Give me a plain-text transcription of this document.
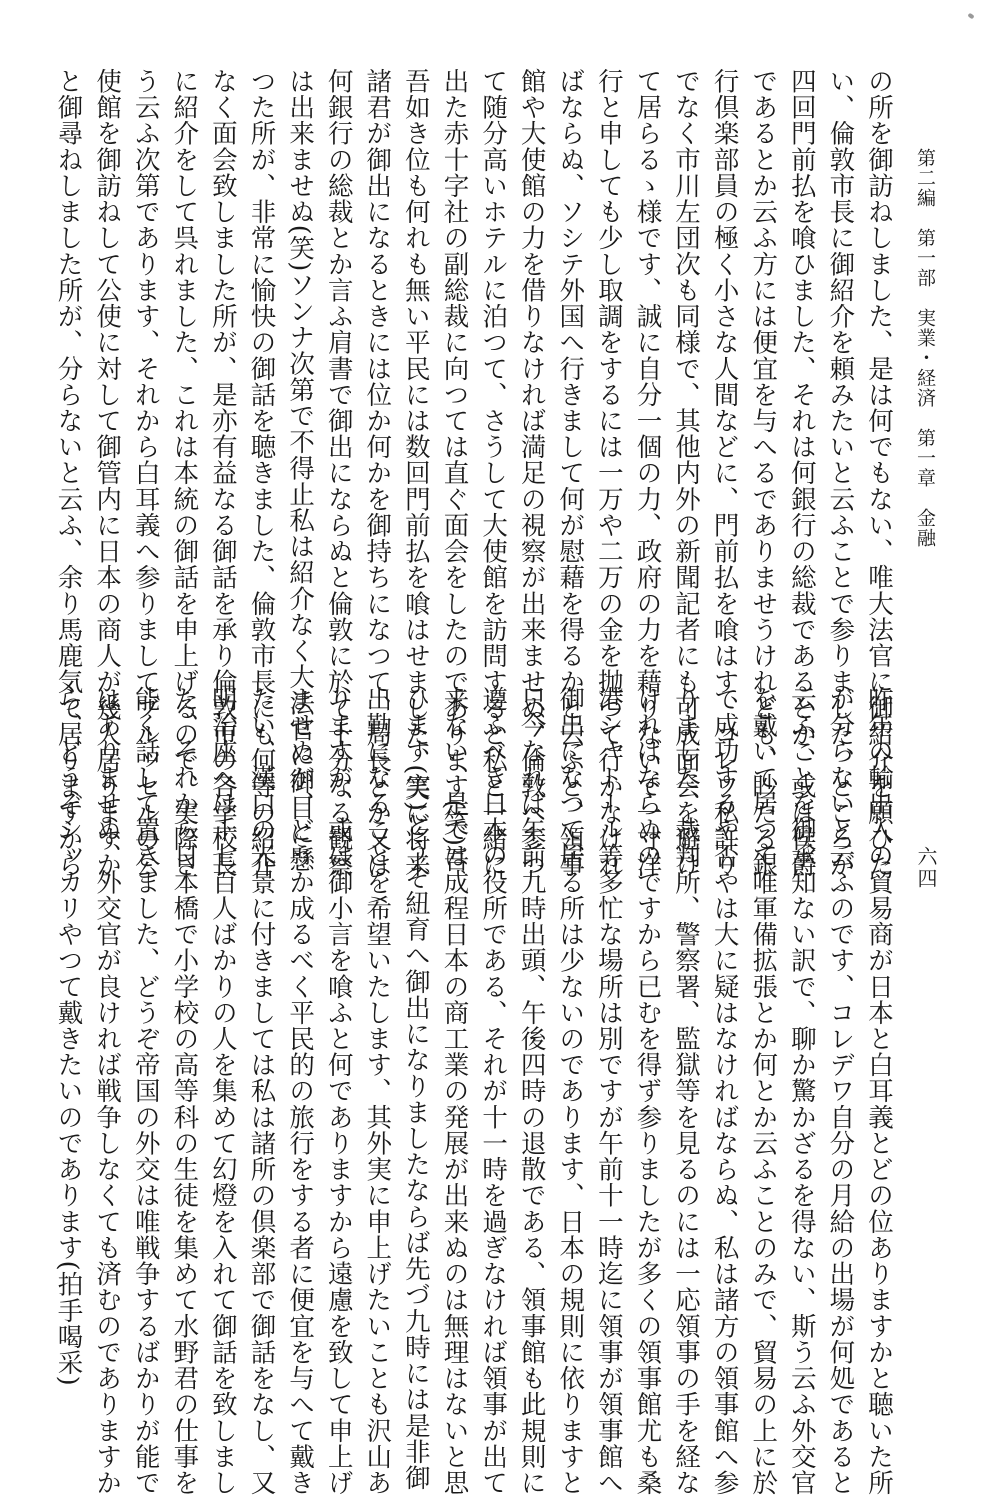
第二編　第一部　実業・経済　第一章　金融
六四
の所を御訪ねしました、是は何でもない、唯大法官に御紹介を願ひた
い、倫敦市長に御紹介を頼みたいと云ふことで参りました、ところが
四回門前払を喰ひました、それは何銀行の総裁であるとか、或は侯爵
であるとか云ふ方には便宜を与へるでありませうけれども、眇たる銀
行倶楽部員の極く小さな人間などに、門前払を喰はす、コレワ私許り
でなく市川左団次も同様で、其他内外の新聞記者にも可成面会を避け
て居らるゝ様です、誠に自分一個の力、政府の力を藉りないで一寸洋
行と申しても少し取調をするには一万や二万の金を抛つて行かなけれ
ばならぬ、ソシテ外国へ行きまして何が慰藉を得るかと云ふと、領事
館や大使館の力を借りなければ満足の視察が出来ませぬ、倫敦へ参つ
て随分高いホテルに泊つて、さうして大使館を訪問すると私と一緒に
出た赤十字社の副総裁に向つては直ぐ面会をしたのであります(笑)吾
吾如き位も何れも無い平民には数回門前払を喰はせました、実に将来
諸君が御出になるときには位か何かを御持ちになつて、局長とか又は
何銀行の総裁とか言ふ肩書で御出にならぬと倫敦に於て十分なる観察
は出来ませぬ(笑)ソンナ次第で不得止私は紹介なく大法官に御目に懸
つた所が、非常に愉快の御話を聴きました、倫敦市長にも何等の紹介
なく面会致しました所が、是亦有益なる御話を承り倫敦市の各学校長
に紹介をして呉れました、これは本統の御話を申上げるので、実際さ
う云ふ次第であります、それから白耳義へ参りましてブルッセルの公
使館を御訪ねして公使に対して御管内に日本の商人が幾人居りますか
と御尋ねしました所が、分らないと云ふ、余り馬鹿気て居りますから
昨年の輸出入の貿易商が日本と白耳義とどの位ありますかと聴いた所
が分らないと云ふのです、コレデワ自分の月給の出場が何処であると
云ふことを御承知ない訳で、聊か驚かざるを得ない、斯う云ふ外交官
を戴いて居つて唯軍備拡張とか何とか云ふことのみで、貿易の上に於
て成功するや否やは大に疑はなければならぬ、私は諸方の領事館へ参
りました、裁判所、警察署、監獄等を見るのには一応領事の手を経な
ければならぬのですから已むを得ず参りましたが多くの領事館尤も桑
港シャトール等多忙な場所は別ですが午前十一時迄に領事が領事館へ
御出になつて居る所は少ないのであります、日本の規則に依りますと
只今なれば午前九時出頭、午後四時の退散である、領事館も此規則に
遵ふべき日本の役所である、それが十一時を過ぎなければ領事が出て
来ない、是では成程日本の商工業の発展が出来ぬのは無理はないと思
ひます(笑)どうぞ紐育へ御出になりましたならば先づ九時には是非御
出勤になることを希望いたします、其外実に申上げたいことも沢山あ
りますが、或は御小言を喰ふと何でありますから遠慮を致して申上げ
ませぬが、どうか成るべく平民的の旅行をする者に便宜を与へて戴き
たい、漢口の光景に付きましては私は諸所の倶楽部で御話をなし、又
明治座へは千七百人ばかりの人を集めて幻燈を入れて御話を致しまし
た、それから日本橋で小学校の高等科の生徒を集めて水野君の仕事を
能く話して置きました、どうぞ帝国の外交は唯戦争するばかりが能で
はありませぬ、外交官が良ければ戦争しなくても済むのでありますか
ら、どうぞシッカリやつて戴きたいのであります(拍手喝采)
